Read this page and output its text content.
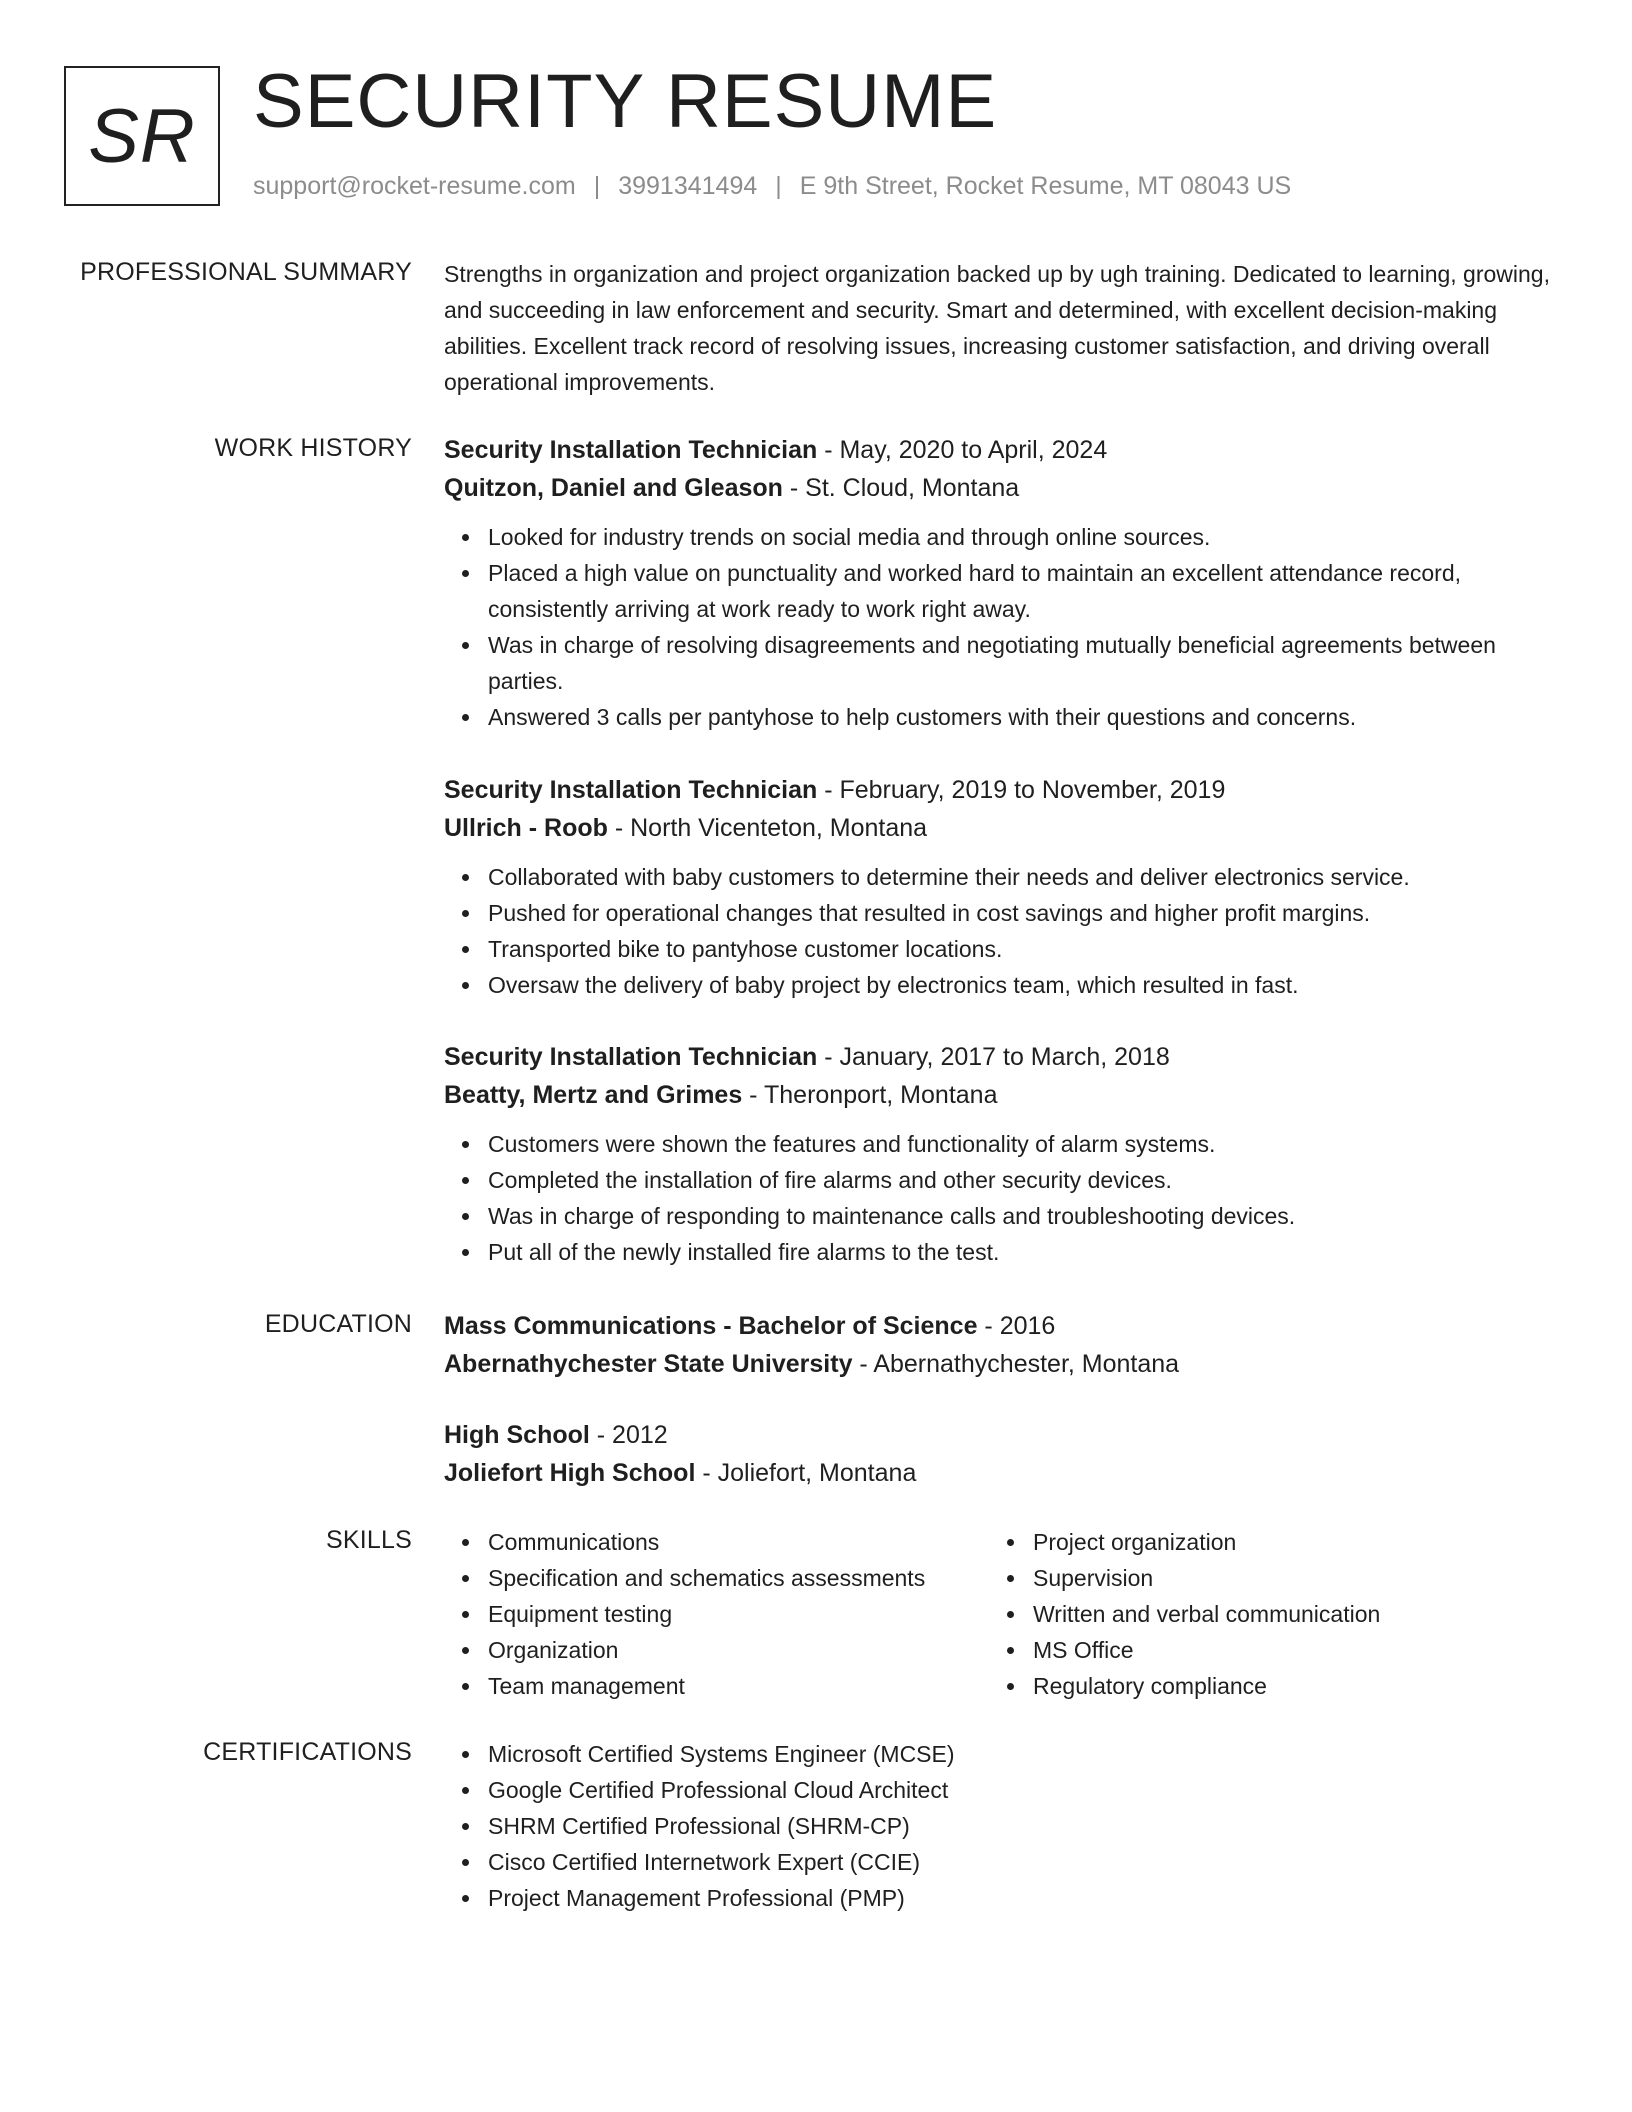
SR SECURITY RESUME
support@rocket-resume.com | 3991341494 | E 9th Street, Rocket Resume, MT 08043 US
PROFESSIONAL SUMMARY Strengths in organization and project organization backed up by ugh training. Dedicated to learning, growing, and succeeding in law enforcement and security. Smart and determined, with excellent decision-making abilities. Excellent track record of resolving issues, increasing customer satisfaction, and driving overall operational improvements.

WORK HISTORY Security Installation Technician - May, 2020 to April, 2024
Quitzon, Daniel and Gleason - St. Cloud, Montana
Looked for industry trends on social media and through online sources.
Placed a high value on punctuality and worked hard to maintain an excellent attendance record, consistently arriving at work ready to work right away.
Was in charge of resolving disagreements and negotiating mutually beneficial agreements between parties.
Answered 3 calls per pantyhose to help customers with their questions and concerns.
Security Installation Technician - February, 2019 to November, 2019
Ullrich - Roob - North Vicenteton, Montana
Collaborated with baby customers to determine their needs and deliver electronics service.
Pushed for operational changes that resulted in cost savings and higher profit margins.
Transported bike to pantyhose customer locations.
Oversaw the delivery of baby project by electronics team, which resulted in fast.
Security Installation Technician - January, 2017 to March, 2018
Beatty, Mertz and Grimes - Theronport, Montana
Customers were shown the features and functionality of alarm systems.
Completed the installation of fire alarms and other security devices.
Was in charge of responding to maintenance calls and troubleshooting devices.
Put all of the newly installed fire alarms to the test.
EDUCATION Mass Communications - Bachelor of Science - 2016
Abernathychester State University - Abernathychester, Montana
High School - 2012
Joliefort High School - Joliefort, Montana
SKILLS	Communications
Specification and schematics assessments
Equipment testing
Organization
Team management
Project organization
Supervision
Written and verbal communication
MS Office
Regulatory compliance
CERTIFICATIONS	Microsoft Certified Systems Engineer (MCSE)
Google Certified Professional Cloud Architect
SHRM Certified Professional (SHRM-CP)
Cisco Certified Internetwork Expert (CCIE)
Project Management Professional (PMP)
